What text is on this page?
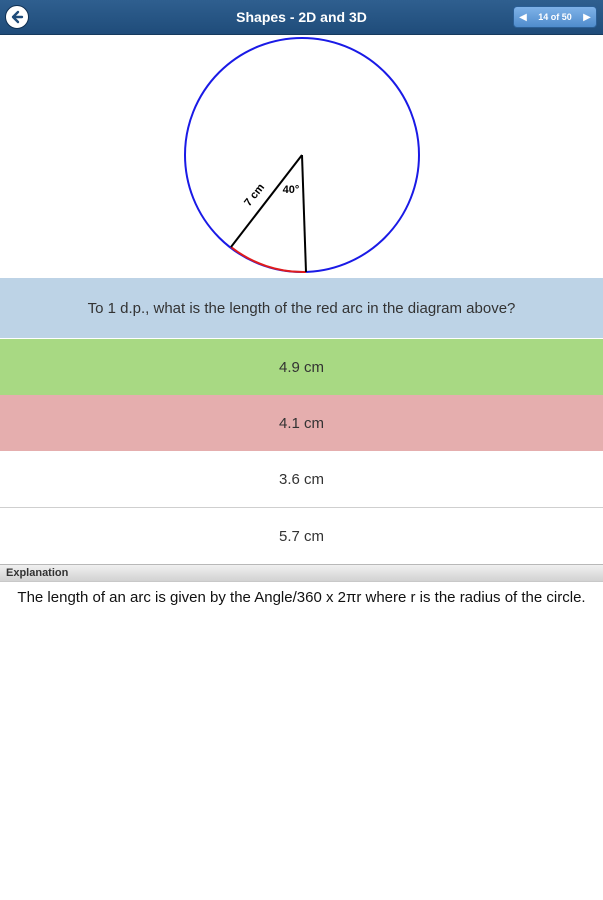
Shapes - 2D and 3D	◀ 14 of 50 ▶
7 cm 40°
To 1 d.p., what is the length of the red arc in the diagram above?
4.9 cm
4.1 cm
3.6 cm
5.7 cm
Explanation
The length of an arc is given by the Angle/360 x 2πr where r is the radius of the circle.
